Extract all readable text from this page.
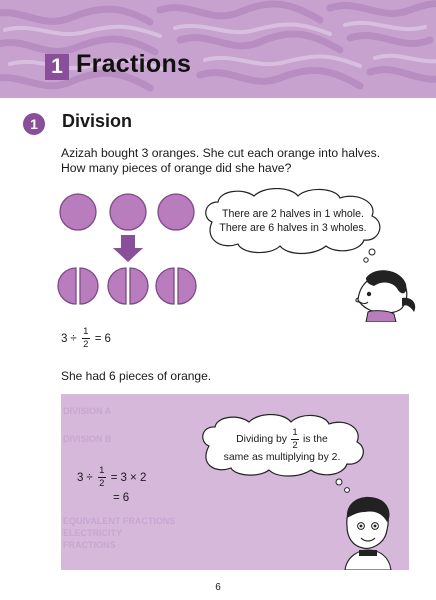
1 Fractions
1	Division
Azizah bought 3 oranges. She cut each orange into halves. How many pieces of orange did she have?
There are 2 halves in 1 whole.
There are 6 halves in 3 wholes.
$3 \div \frac{1}{2} = 6$
She had 6 pieces of orange.
DIVISION A
DIVISION B
EQUIVALENT FRACTIONS
ELECTRICITY
FRACTIONS
$3 \div \frac{1}{2} = 3 \times 2$
= 6
Dividing by $\frac{1}{2}$ is the
same as multiplying by 2.
6
